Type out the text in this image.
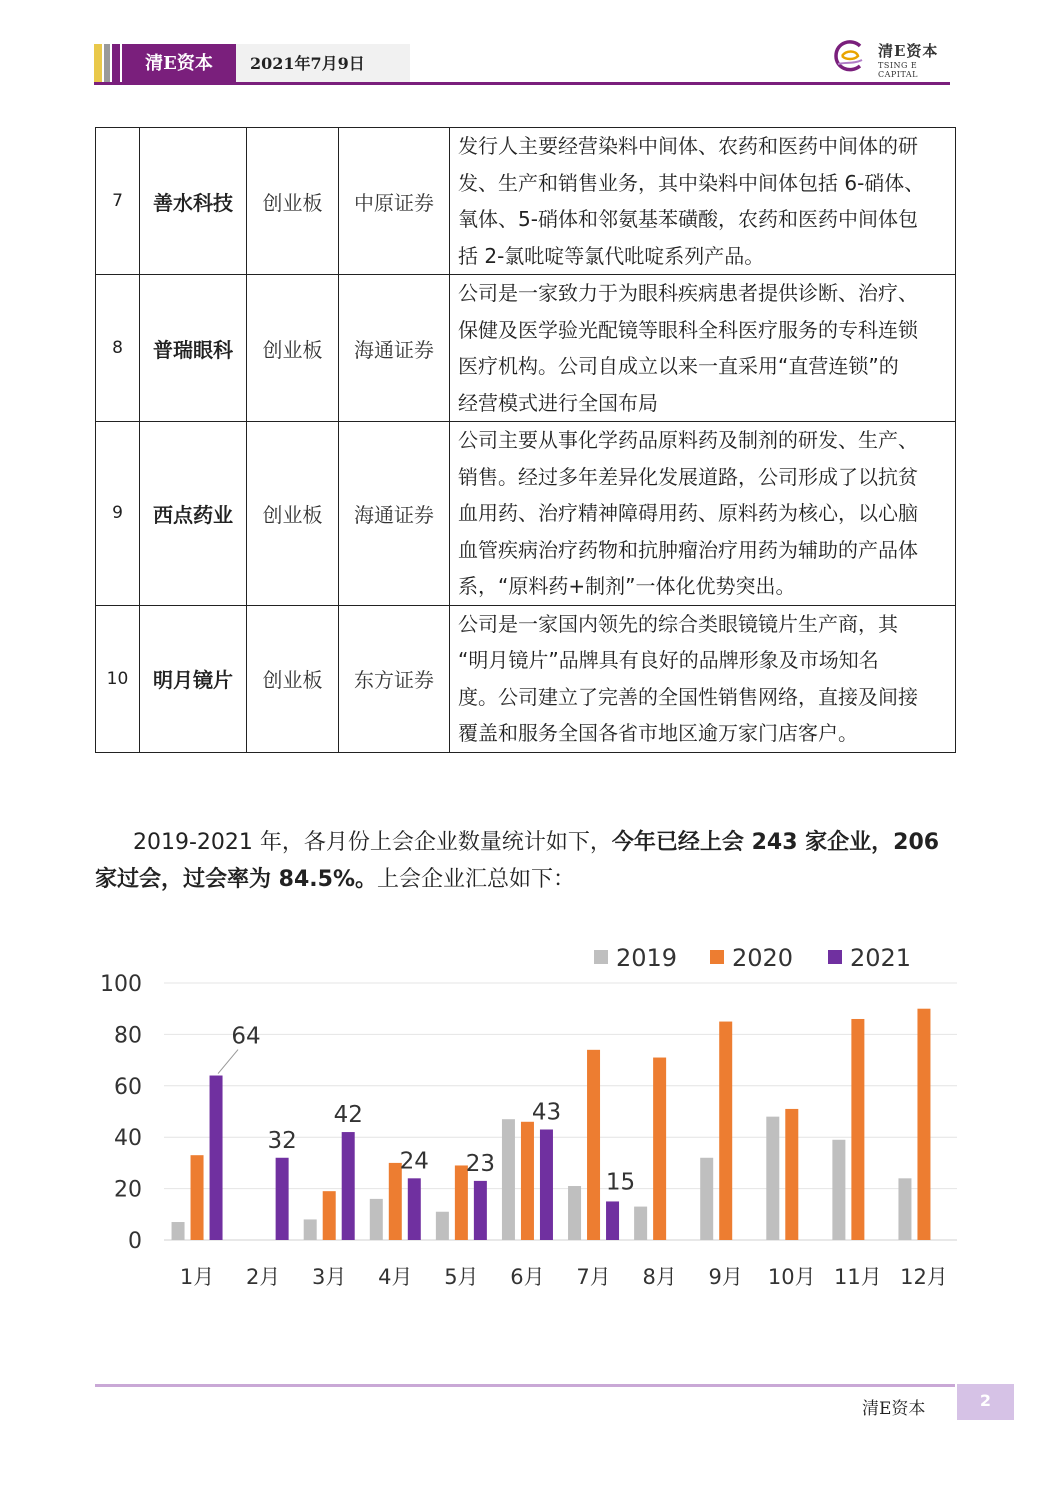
清E资本	2021年7月9日
清E资本
TSING E CAPITAL
7	善水科技	创业板	中原证券	发行人主要经营染料中间体、农药和医药中间体的研
发、生产和销售业务，其中染料中间体包括 6-硝体、
氧体、5-硝体和邻氨基苯磺酸，农药和医药中间体包
括 2-氯吡啶等氯代吡啶系列产品。

8	普瑞眼科	创业板	海通证券	公司是一家致力于为眼科疾病患者提供诊断、治疗、
保健及医学验光配镜等眼科全科医疗服务的专科连锁
医疗机构。公司自成立以来一直采用“直营连锁”的
经营模式进行全国布局

9	西点药业	创业板	海通证券	公司主要从事化学药品原料药及制剂的研发、生产、
销售。经过多年差异化发展道路，公司形成了以抗贫
血用药、治疗精神障碍用药、原料药为核心，以心脑
血管疾病治疗药物和抗肿瘤治疗用药为辅助的产品体
系，“原料药+制剂”一体化优势突出。

10	明月镜片	创业板	东方证券	公司是一家国内领先的综合类眼镜镜片生产商，其
“明月镜片”品牌具有良好的品牌形象及市场知名
度。公司建立了完善的全国性销售网络，直接及间接
覆盖和服务全国各省市地区逾万家门店客户。
2019-2021 年，各月份上会企业数量统计如下，今年已经上会 243 家企业，206 家过会，过会率为 84.5%。上会企业汇总如下：
0
20
40
60
80
100
64
1月
32
2月
42
3月
24
4月
23
5月
43
6月
15
7月 8月 9月 10月 11月 12月
2019 2020 2021
清E资本	2
